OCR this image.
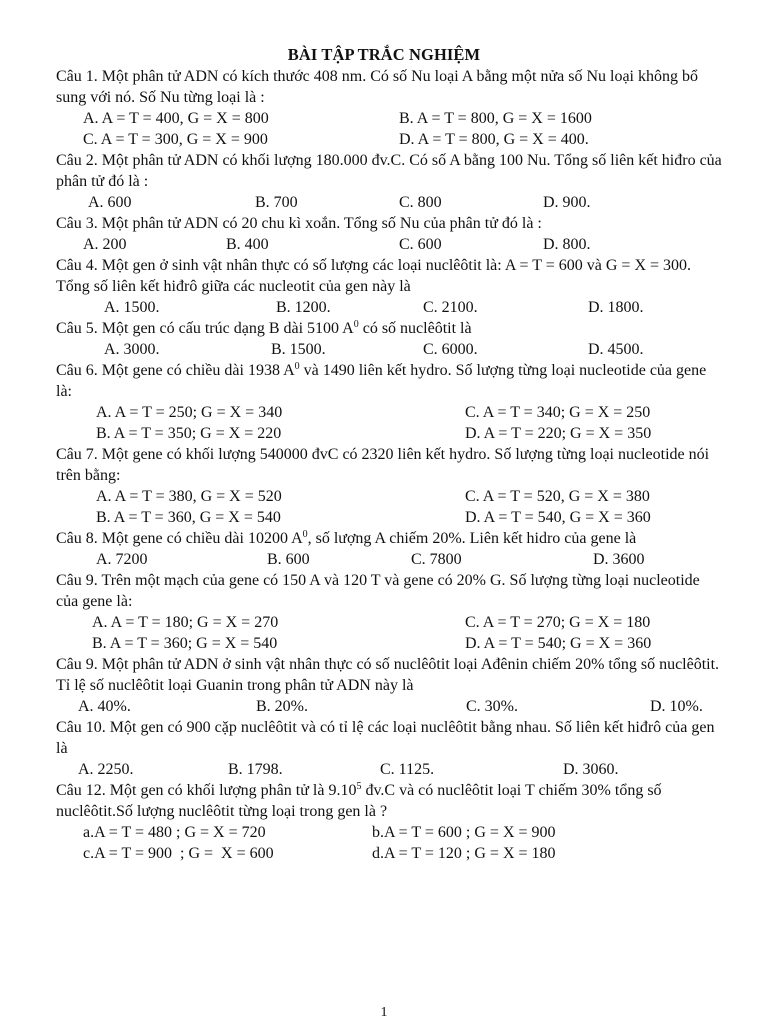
BÀI TẬP TRẮC NGHIỆM

Câu 1. Một phân tử ADN có kích thước 408 nm. Có số Nu loại A bằng một nửa số Nu loại không bổ sung với nó. Số Nu từng loại là :

A. A = T = 400, G = X = 800	B. A = T = 800, G = X = 1600
C. A = T = 300, G = X = 900	D. A = T = 800, G = X = 400.

Câu 2. Một phân tử ADN có khối lượng 180.000 đv.C. Có số A bằng 100 Nu. Tổng số liên kết hiđro của phân tử đó là :

A. 600	B. 700	C. 800	D. 900.

Câu 3. Một phân tử ADN có 20 chu kì xoắn. Tổng số Nu của phân tử đó là :

A. 200	B. 400	C. 600	D. 800.

Câu 4. Một gen ở sinh vật nhân thực có số lượng các loại nuclêôtit là: A = T = 600 và G = X = 300. Tổng số liên kết hiđrô giữa các nucleotit của gen này là

A. 1500.	B. 1200.	C. 2100.	D. 1800.

Câu 5. Một gen có cấu trúc dạng B dài 5100 $A^0$ có số nuclêôtit là

A. 3000.	B. 1500.	C. 6000.	D. 4500.

Câu 6. Một gene có chiều dài 1938 $A^0$ và 1490 liên kết hydro. Số lượng từng loại nucleotide của gene là:

A. A = T = 250; G = X = 340	C. A = T = 340; G = X = 250
B. A = T = 350; G = X = 220	D. A = T = 220; G = X = 350

Câu 7. Một gene có khối lượng 540000 đvC có 2320 liên kết hydro. Số lượng từng loại nucleotide nói trên bằng:

A. A = T = 380, G = X = 520	C. A = T = 520, G = X = 380
B. A = T = 360, G = X = 540	D. A = T = 540, G = X = 360

Câu 8. Một gene có chiều dài 10200 $A^0$, số lượng A chiếm 20%. Liên kết hidro của gene là

A. 7200	B. 600	C. 7800	D. 3600

Câu 9. Trên một mạch của gene có 150 A và 120 T và gene có 20% G. Số lượng từng loại nucleotide của gene là:

A. A = T = 180; G = X = 270	C. A = T = 270; G = X = 180
B. A = T = 360; G = X = 540	D. A = T = 540; G = X = 360

Câu 9. Một phân tử ADN ở sinh vật nhân thực có số nuclêôtit loại Ađênin chiếm 20% tổng số nuclêôtit. Tỉ lệ số nuclêôtit loại Guanin trong phân tử ADN này là

A. 40%.	B. 20%.	C. 30%.	D. 10%.

Câu 10. Một gen có 900 cặp nuclêôtit và có tỉ lệ các loại nuclêôtit bằng nhau. Số liên kết hiđrô của gen là

A. 2250.	B. 1798.	C. 1125.	D. 3060.

Câu 12. Một gen có khối lượng phân tử là 9.10$^5$ đv.C và có nuclêôtit loại T chiếm 30% tổng số nuclêôtit.Số lượng nuclêôtit từng loại trong gen là ?

a.A = T = 480 ; G = X = 720	b.A = T = 600 ; G = X = 900
c.A = T = 900  ; G =  X = 600	d.A = T = 120 ; G = X = 180
1
